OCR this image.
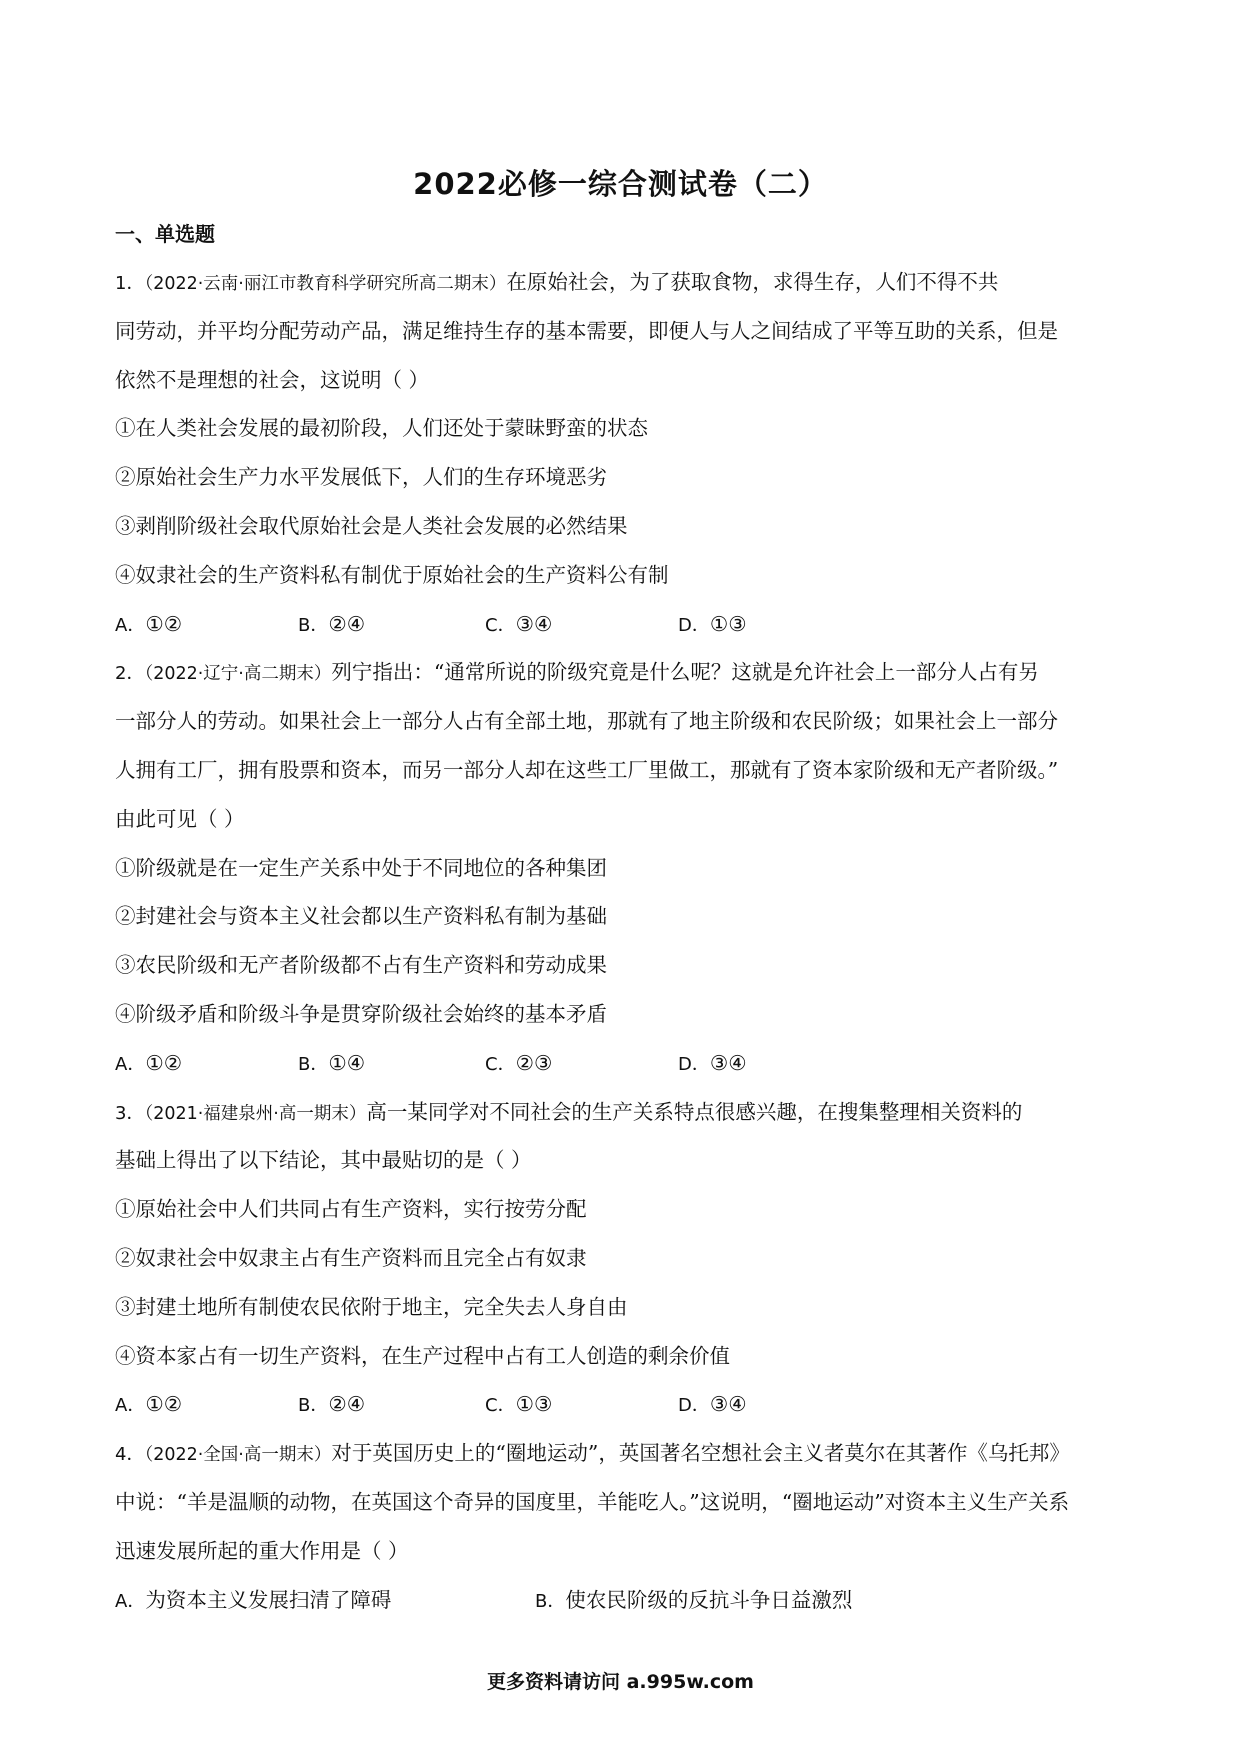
2022必修一综合测试卷（二）
一、单选题
1．（2022·云南·丽江市教育科学研究所高二期末）在原始社会，为了获取食物，求得生存，人们不得不共
同劳动，并平均分配劳动产品，满足维持生存的基本需要，即便人与人之间结成了平等互助的关系，但是
依然不是理想的社会，这说明（ ）
①在人类社会发展的最初阶段，人们还处于蒙昧野蛮的状态
②原始社会生产力水平发展低下，人们的生存环境恶劣
③剥削阶级社会取代原始社会是人类社会发展的必然结果
④奴隶社会的生产资料私有制优于原始社会的生产资料公有制
A．①②	B．②④	C．③④	D．①③
2．（2022·辽宁·高二期末）列宁指出：“通常所说的阶级究竟是什么呢？这就是允许社会上一部分人占有另
一部分人的劳动。如果社会上一部分人占有全部土地，那就有了地主阶级和农民阶级；如果社会上一部分
人拥有工厂，拥有股票和资本，而另一部分人却在这些工厂里做工，那就有了资本家阶级和无产者阶级。”
由此可见（ ）
①阶级就是在一定生产关系中处于不同地位的各种集团
②封建社会与资本主义社会都以生产资料私有制为基础
③农民阶级和无产者阶级都不占有生产资料和劳动成果
④阶级矛盾和阶级斗争是贯穿阶级社会始终的基本矛盾
A．①②	B．①④	C．②③	D．③④
3．（2021·福建泉州·高一期末）高一某同学对不同社会的生产关系特点很感兴趣，在搜集整理相关资料的
基础上得出了以下结论，其中最贴切的是（ ）
①原始社会中人们共同占有生产资料，实行按劳分配
②奴隶社会中奴隶主占有生产资料而且完全占有奴隶
③封建土地所有制使农民依附于地主，完全失去人身自由
④资本家占有一切生产资料，在生产过程中占有工人创造的剩余价值
A．①②	B．②④	C．①③	D．③④
4．（2022·全国·高一期末）对于英国历史上的“圈地运动”，英国著名空想社会主义者莫尔在其著作《乌托邦》
中说：“羊是温顺的动物，在英国这个奇异的国度里，羊能吃人。”这说明，“圈地运动”对资本主义生产关系
迅速发展所起的重大作用是（ ）
A．为资本主义发展扫清了障碍	B．使农民阶级的反抗斗争日益激烈
更多资料请访问 a.995w.com
